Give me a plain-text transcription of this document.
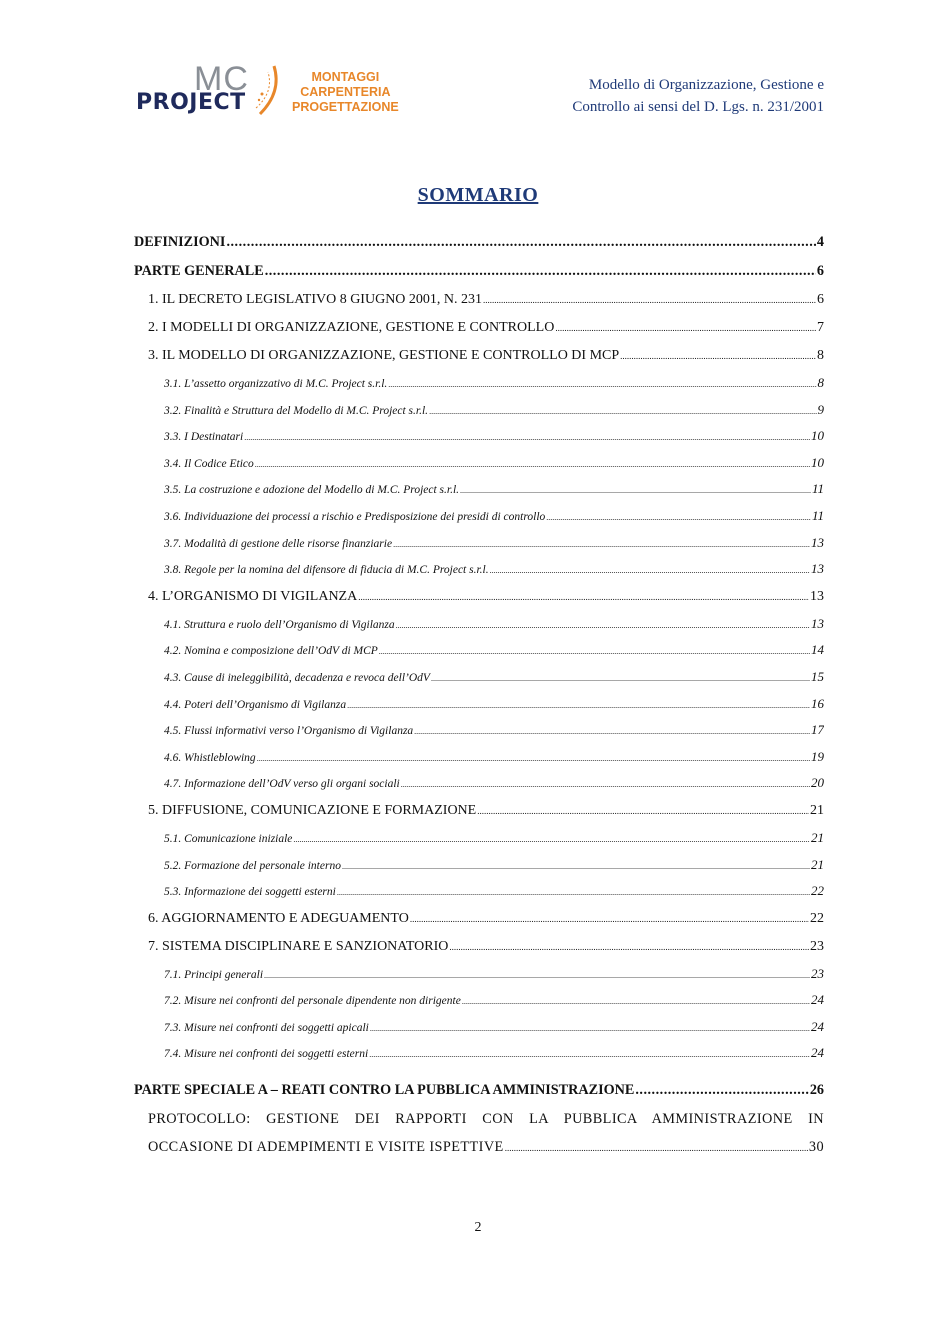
MC
PROJECT
MONTAGGI
CARPENTERIA
PROGETTAZIONE
Modello di Organizzazione, Gestione e
Controllo ai sensi del D. Lgs. n. 231/2001
SOMMARIO
DEFINIZIONI .....	4
PARTE GENERALE .....	6
1. IL DECRETO LEGISLATIVO 8 GIUGNO 2001, N. 231 .....	6
2. I MODELLI DI ORGANIZZAZIONE, GESTIONE E CONTROLLO .....	7
3. IL MODELLO DI ORGANIZZAZIONE, GESTIONE E CONTROLLO DI MCP .....	8
3.1. L’assetto organizzativo di M.C. Project s.r.l. .....	8
3.2. Finalità e Struttura del Modello di M.C. Project s.r.l. .....	9
3.3. I Destinatari .....	10
3.4. Il Codice Etico .....	10
3.5. La costruzione e adozione del Modello di M.C. Project s.r.l. .....	11
3.6. Individuazione dei processi a rischio e Predisposizione dei presidi di controllo .....	11
3.7. Modalità di gestione delle risorse finanziarie .....	13
3.8. Regole per la nomina del difensore di fiducia di M.C. Project s.r.l. .....	13
4. L’ORGANISMO DI VIGILANZA .....	13
4.1. Struttura e ruolo dell’Organismo di Vigilanza .....	13
4.2. Nomina e composizione dell’OdV di MCP .....	14
4.3. Cause di ineleggibilità, decadenza e revoca dell’OdV .....	15
4.4. Poteri dell’Organismo di Vigilanza .....	16
4.5. Flussi informativi verso l’Organismo di Vigilanza .....	17
4.6. Whistleblowing .....	19
4.7. Informazione dell’OdV verso gli organi sociali .....	20
5. DIFFUSIONE, COMUNICAZIONE E FORMAZIONE .....	21
5.1. Comunicazione iniziale .....	21
5.2. Formazione del personale interno .....	21
5.3. Informazione dei soggetti esterni .....	22
6. AGGIORNAMENTO E ADEGUAMENTO .....	22
7. SISTEMA DISCIPLINARE E SANZIONATORIO .....	23
7.1. Principi generali .....	23
7.2. Misure nei confronti del personale dipendente non dirigente .....	24
7.3. Misure nei confronti dei soggetti apicali .....	24
7.4. Misure nei confronti dei soggetti esterni .....	24
PARTE SPECIALE A – REATI CONTRO LA PUBBLICA AMMINISTRAZIONE .....	26
PROTOCOLLO: GESTIONE DEI RAPPORTI CON LA PUBBLICA AMMINISTRAZIONE IN
OCCASIONE DI ADEMPIMENTI E VISITE ISPETTIVE .....	30
2
